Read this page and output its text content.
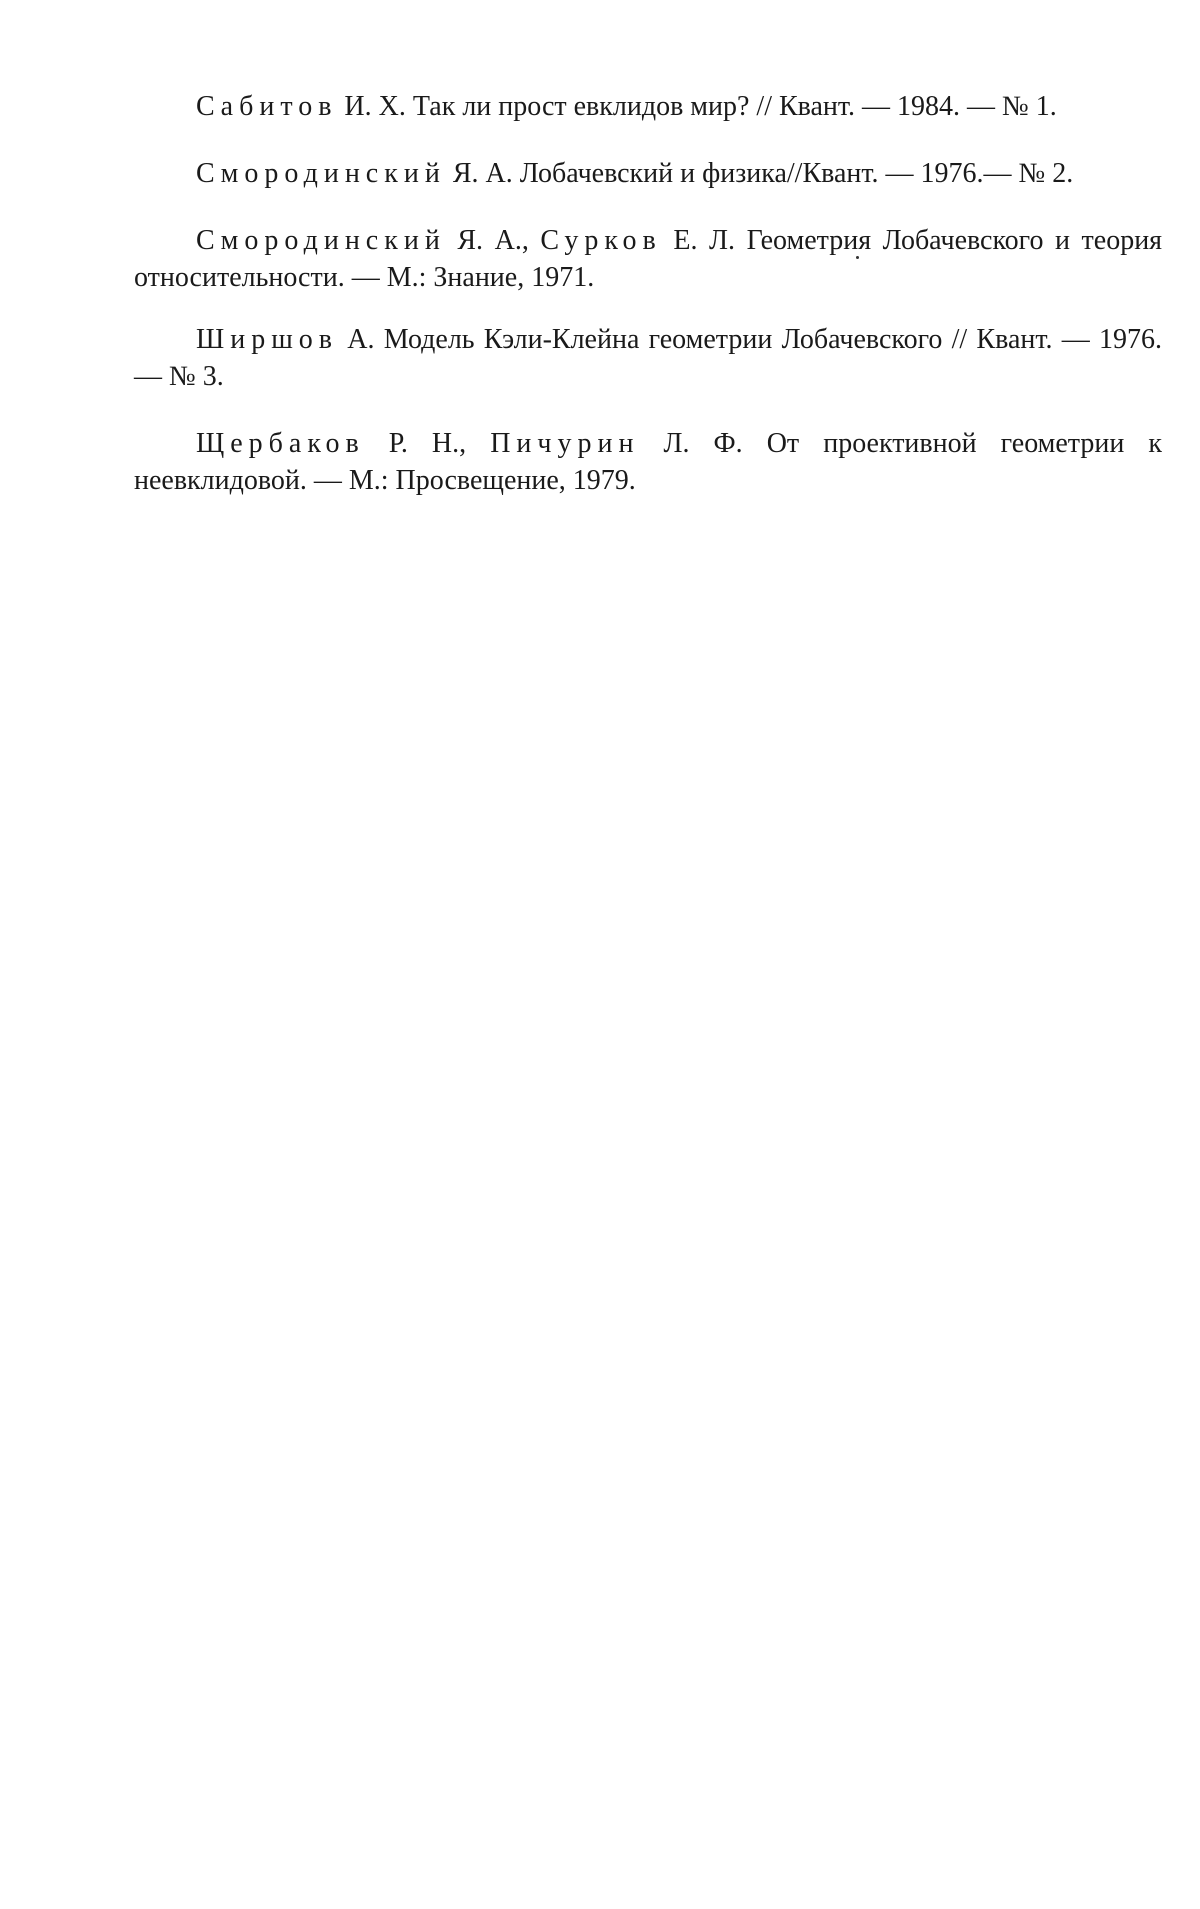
Сабитов И. Х. Так ли прост евклидов мир? // Квант. — 1984. — № 1.

Смородинский Я. А. Лобачевский и физика//Квант. — 1976.— № 2.

Смородинский Я. А., Сурков Е. Л. Геометрия Лобачевского и теория относительности. — М.: Знание, 1971.

Ширшов А. Модель Кэли-Клейна геометрии Лобачевского // Квант. — 1976. — № 3.

Щербаков Р. Н., Пичурин Л. Ф. От проективной геометрии к неевклидовой. — М.: Просвещение, 1979.
